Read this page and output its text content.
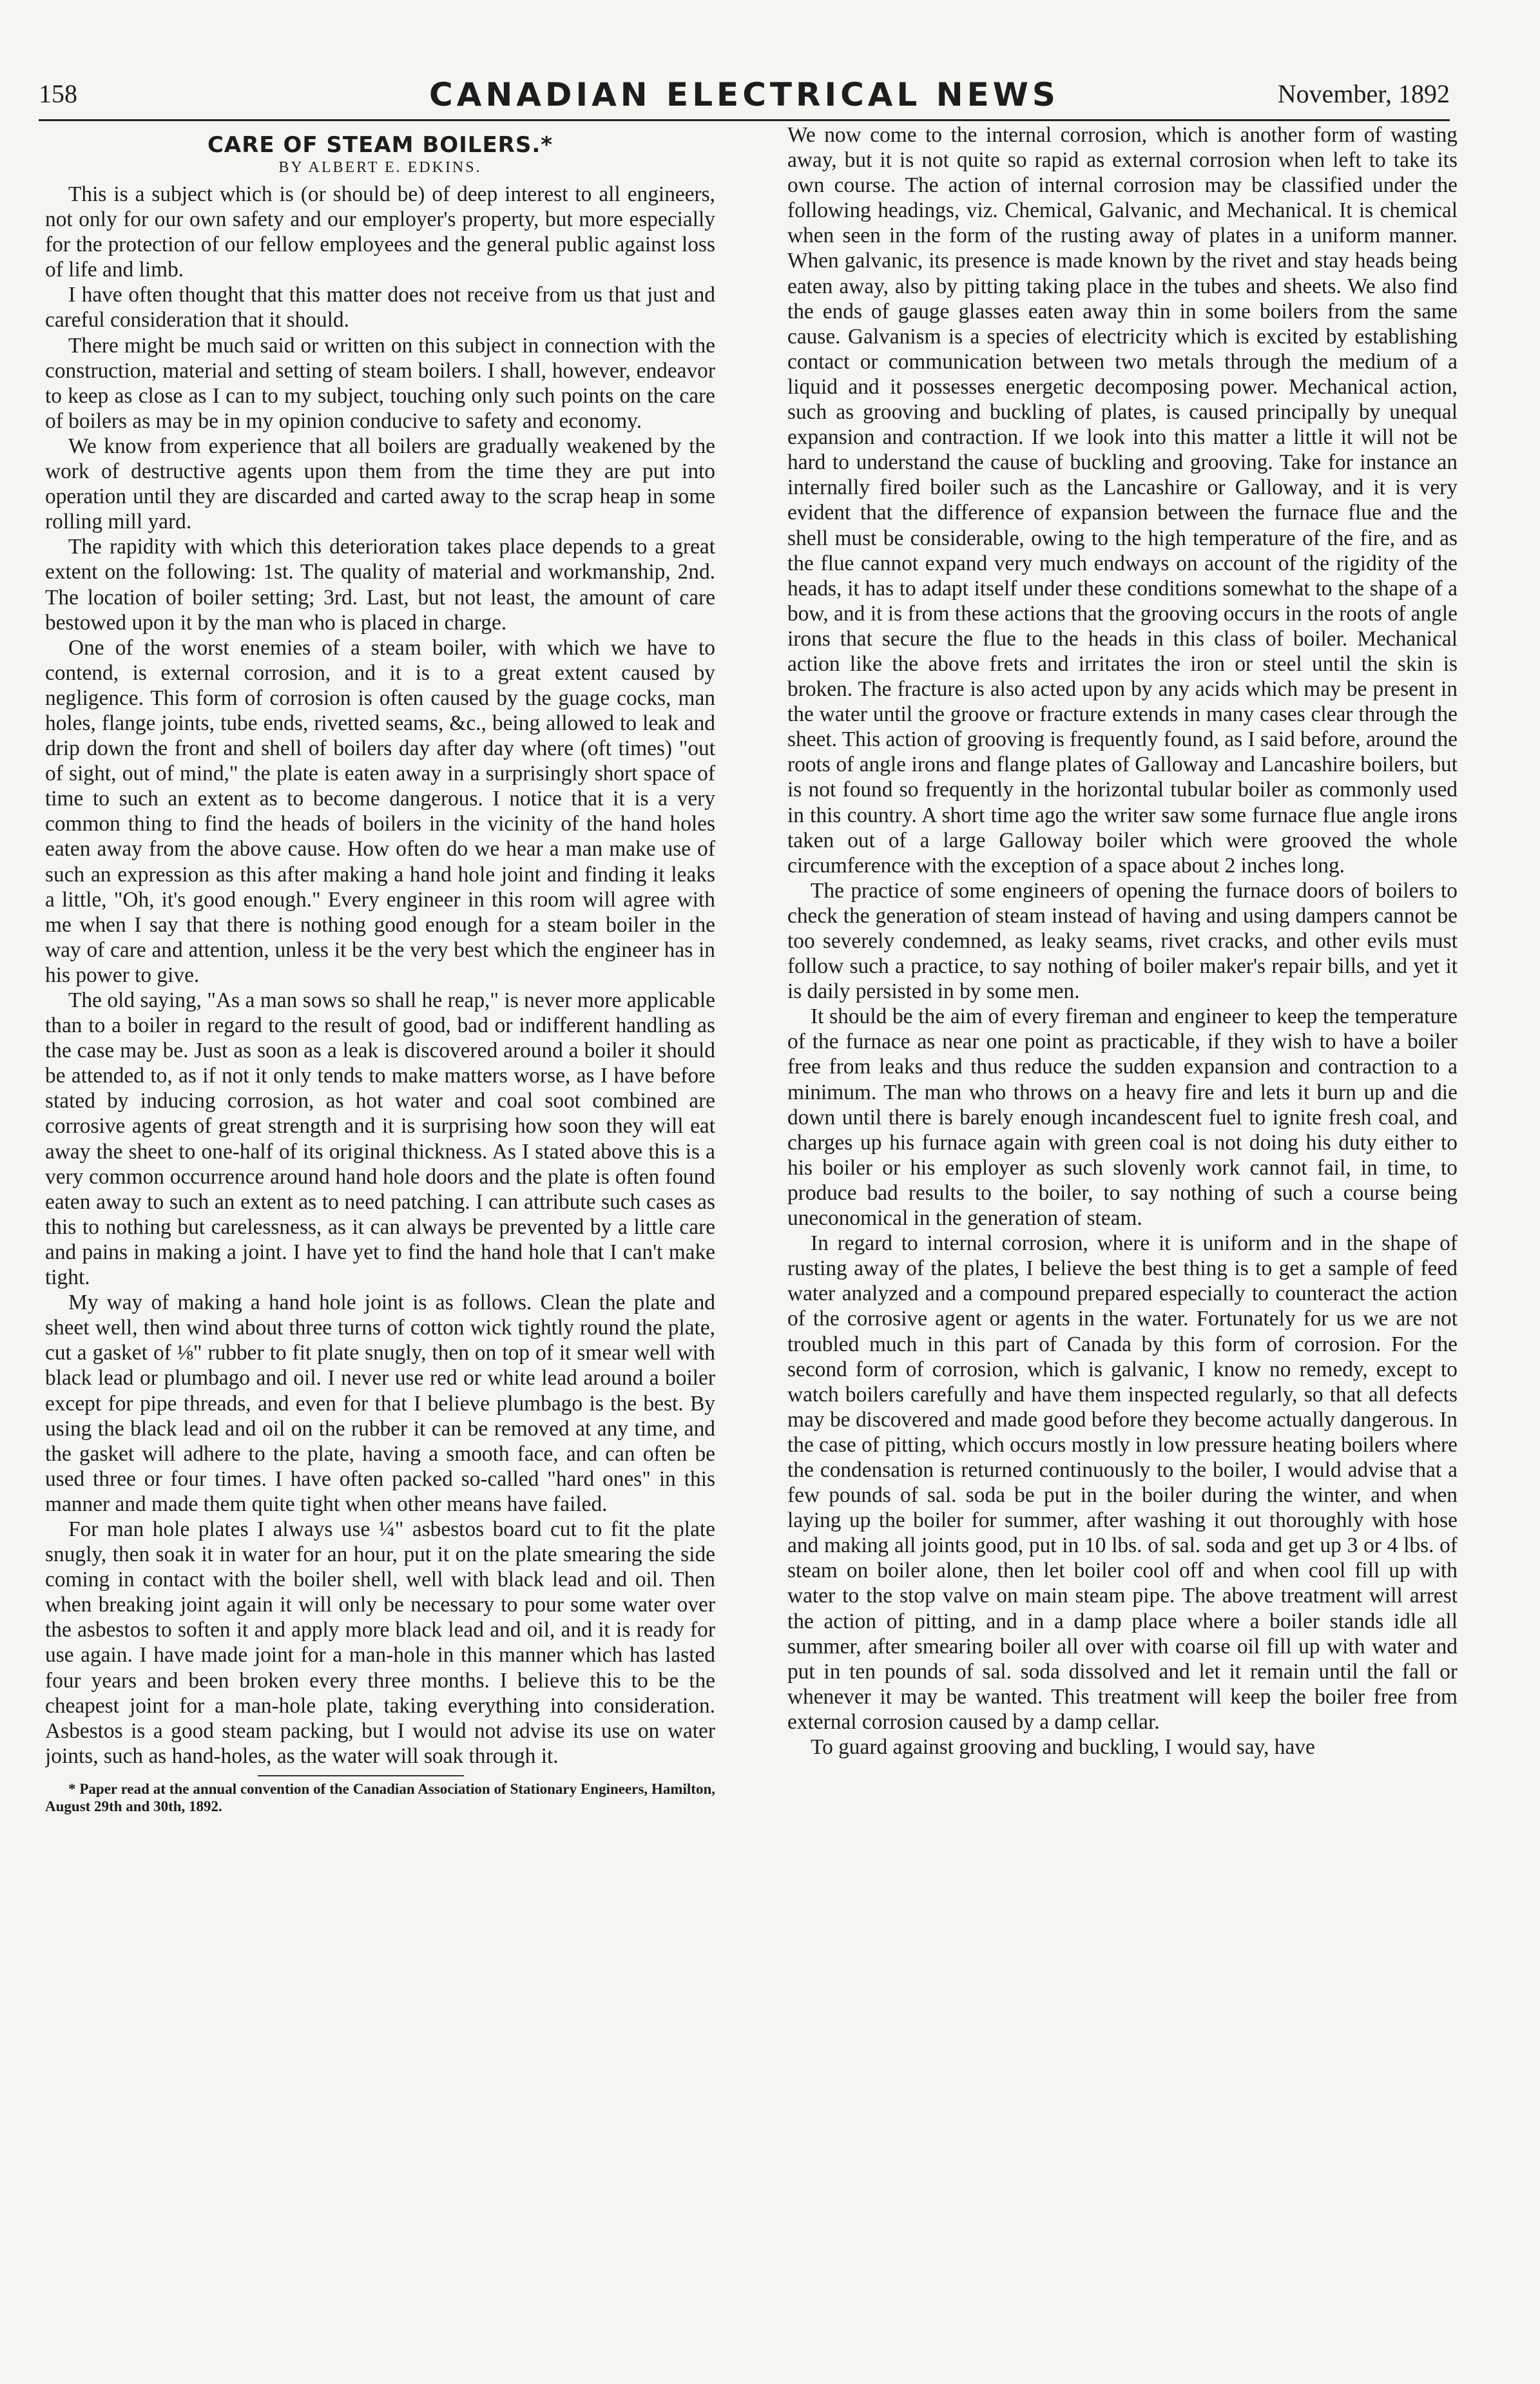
158	CANADIAN ELECTRICAL NEWS	November, 1892
CARE OF STEAM BOILERS.*
BY ALBERT E. EDKINS.

This is a subject which is (or should be) of deep interest to all engineers, not only for our own safety and our employer's property, but more especially for the protection of our fellow employees and the general public against loss of life and limb.

I have often thought that this matter does not receive from us that just and careful consideration that it should.

There might be much said or written on this subject in connection with the construction, material and setting of steam boilers. I shall, however, endeavor to keep as close as I can to my subject, touching only such points on the care of boilers as may be in my opinion conducive to safety and economy.

We know from experience that all boilers are gradually weakened by the work of destructive agents upon them from the time they are put into operation until they are discarded and carted away to the scrap heap in some rolling mill yard.

The rapidity with which this deterioration takes place depends to a great extent on the following: 1st. The quality of material and workmanship, 2nd. The location of boiler setting; 3rd. Last, but not least, the amount of care bestowed upon it by the man who is placed in charge.

One of the worst enemies of a steam boiler, with which we have to contend, is external corrosion, and it is to a great extent caused by negligence. This form of corrosion is often caused by the guage cocks, man holes, flange joints, tube ends, rivetted seams, &c., being allowed to leak and drip down the front and shell of boilers day after day where (oft times) "out of sight, out of mind," the plate is eaten away in a surprisingly short space of time to such an extent as to become dangerous. I notice that it is a very common thing to find the heads of boilers in the vicinity of the hand holes eaten away from the above cause. How often do we hear a man make use of such an expression as this after making a hand hole joint and finding it leaks a little, "Oh, it's good enough." Every engineer in this room will agree with me when I say that there is nothing good enough for a steam boiler in the way of care and attention, unless it be the very best which the engineer has in his power to give.

The old saying, "As a man sows so shall he reap," is never more applicable than to a boiler in regard to the result of good, bad or indifferent handling as the case may be. Just as soon as a leak is discovered around a boiler it should be attended to, as if not it only tends to make matters worse, as I have before stated by inducing corrosion, as hot water and coal soot combined are corrosive agents of great strength and it is surprising how soon they will eat away the sheet to one-half of its original thickness. As I stated above this is a very common occurrence around hand hole doors and the plate is often found eaten away to such an extent as to need patching. I can attribute such cases as this to nothing but carelessness, as it can always be prevented by a little care and pains in making a joint. I have yet to find the hand hole that I can't make tight.

My way of making a hand hole joint is as follows. Clean the plate and sheet well, then wind about three turns of cotton wick tightly round the plate, cut a gasket of ⅛" rubber to fit plate snugly, then on top of it smear well with black lead or plumbago and oil. I never use red or white lead around a boiler except for pipe threads, and even for that I believe plumbago is the best. By using the black lead and oil on the rubber it can be removed at any time, and the gasket will adhere to the plate, having a smooth face, and can often be used three or four times. I have often packed so-called "hard ones" in this manner and made them quite tight when other means have failed.

For man hole plates I always use ¼" asbestos board cut to fit the plate snugly, then soak it in water for an hour, put it on the plate smearing the side coming in contact with the boiler shell, well with black lead and oil. Then when breaking joint again it will only be necessary to pour some water over the asbestos to soften it and apply more black lead and oil, and it is ready for use again. I have made joint for a man-hole in this manner which has lasted four years and been broken every three months. I believe this to be the cheapest joint for a man-hole plate, taking everything into consideration. Asbestos is a good steam packing, but I would not advise its use on water joints, such as hand-holes, as the water will soak through it.

* Paper read at the annual convention of the Canadian Association of Stationary Engineers, Hamilton, August 29th and 30th, 1892.

We now come to the internal corrosion, which is another form of wasting away, but it is not quite so rapid as external corrosion when left to take its own course. The action of internal corrosion may be classified under the following headings, viz. Chemical, Galvanic, and Mechanical. It is chemical when seen in the form of the rusting away of plates in a uniform manner. When galvanic, its presence is made known by the rivet and stay heads being eaten away, also by pitting taking place in the tubes and sheets. We also find the ends of gauge glasses eaten away thin in some boilers from the same cause. Galvanism is a species of electricity which is excited by establishing contact or communication between two metals through the medium of a liquid and it possesses energetic decomposing power. Mechanical action, such as grooving and buckling of plates, is caused principally by unequal expansion and contraction. If we look into this matter a little it will not be hard to understand the cause of buckling and grooving. Take for instance an internally fired boiler such as the Lancashire or Galloway, and it is very evident that the difference of expansion between the furnace flue and the shell must be considerable, owing to the high temperature of the fire, and as the flue cannot expand very much endways on account of the rigidity of the heads, it has to adapt itself under these conditions somewhat to the shape of a bow, and it is from these actions that the grooving occurs in the roots of angle irons that secure the flue to the heads in this class of boiler. Mechanical action like the above frets and irritates the iron or steel until the skin is broken. The fracture is also acted upon by any acids which may be present in the water until the groove or fracture extends in many cases clear through the sheet. This action of grooving is frequently found, as I said before, around the roots of angle irons and flange plates of Galloway and Lancashire boilers, but is not found so frequently in the horizontal tubular boiler as commonly used in this country. A short time ago the writer saw some furnace flue angle irons taken out of a large Galloway boiler which were grooved the whole circumference with the exception of a space about 2 inches long.

The practice of some engineers of opening the furnace doors of boilers to check the generation of steam instead of having and using dampers cannot be too severely condemned, as leaky seams, rivet cracks, and other evils must follow such a practice, to say nothing of boiler maker's repair bills, and yet it is daily persisted in by some men.

It should be the aim of every fireman and engineer to keep the temperature of the furnace as near one point as practicable, if they wish to have a boiler free from leaks and thus reduce the sudden expansion and contraction to a minimum. The man who throws on a heavy fire and lets it burn up and die down until there is barely enough incandescent fuel to ignite fresh coal, and charges up his furnace again with green coal is not doing his duty either to his boiler or his employer as such slovenly work cannot fail, in time, to produce bad results to the boiler, to say nothing of such a course being uneconomical in the generation of steam.

In regard to internal corrosion, where it is uniform and in the shape of rusting away of the plates, I believe the best thing is to get a sample of feed water analyzed and a compound prepared especially to counteract the action of the corrosive agent or agents in the water. Fortunately for us we are not troubled much in this part of Canada by this form of corrosion. For the second form of corrosion, which is galvanic, I know no remedy, except to watch boilers carefully and have them inspected regularly, so that all defects may be discovered and made good before they become actually dangerous. In the case of pitting, which occurs mostly in low pressure heating boilers where the condensation is returned continuously to the boiler, I would advise that a few pounds of sal. soda be put in the boiler during the winter, and when laying up the boiler for summer, after washing it out thoroughly with hose and making all joints good, put in 10 lbs. of sal. soda and get up 3 or 4 lbs. of steam on boiler alone, then let boiler cool off and when cool fill up with water to the stop valve on main steam pipe. The above treatment will arrest the action of pitting, and in a damp place where a boiler stands idle all summer, after smearing boiler all over with coarse oil fill up with water and put in ten pounds of sal. soda dissolved and let it remain until the fall or whenever it may be wanted. This treatment will keep the boiler free from external corrosion caused by a damp cellar.

To guard against grooving and buckling, I would say, have
